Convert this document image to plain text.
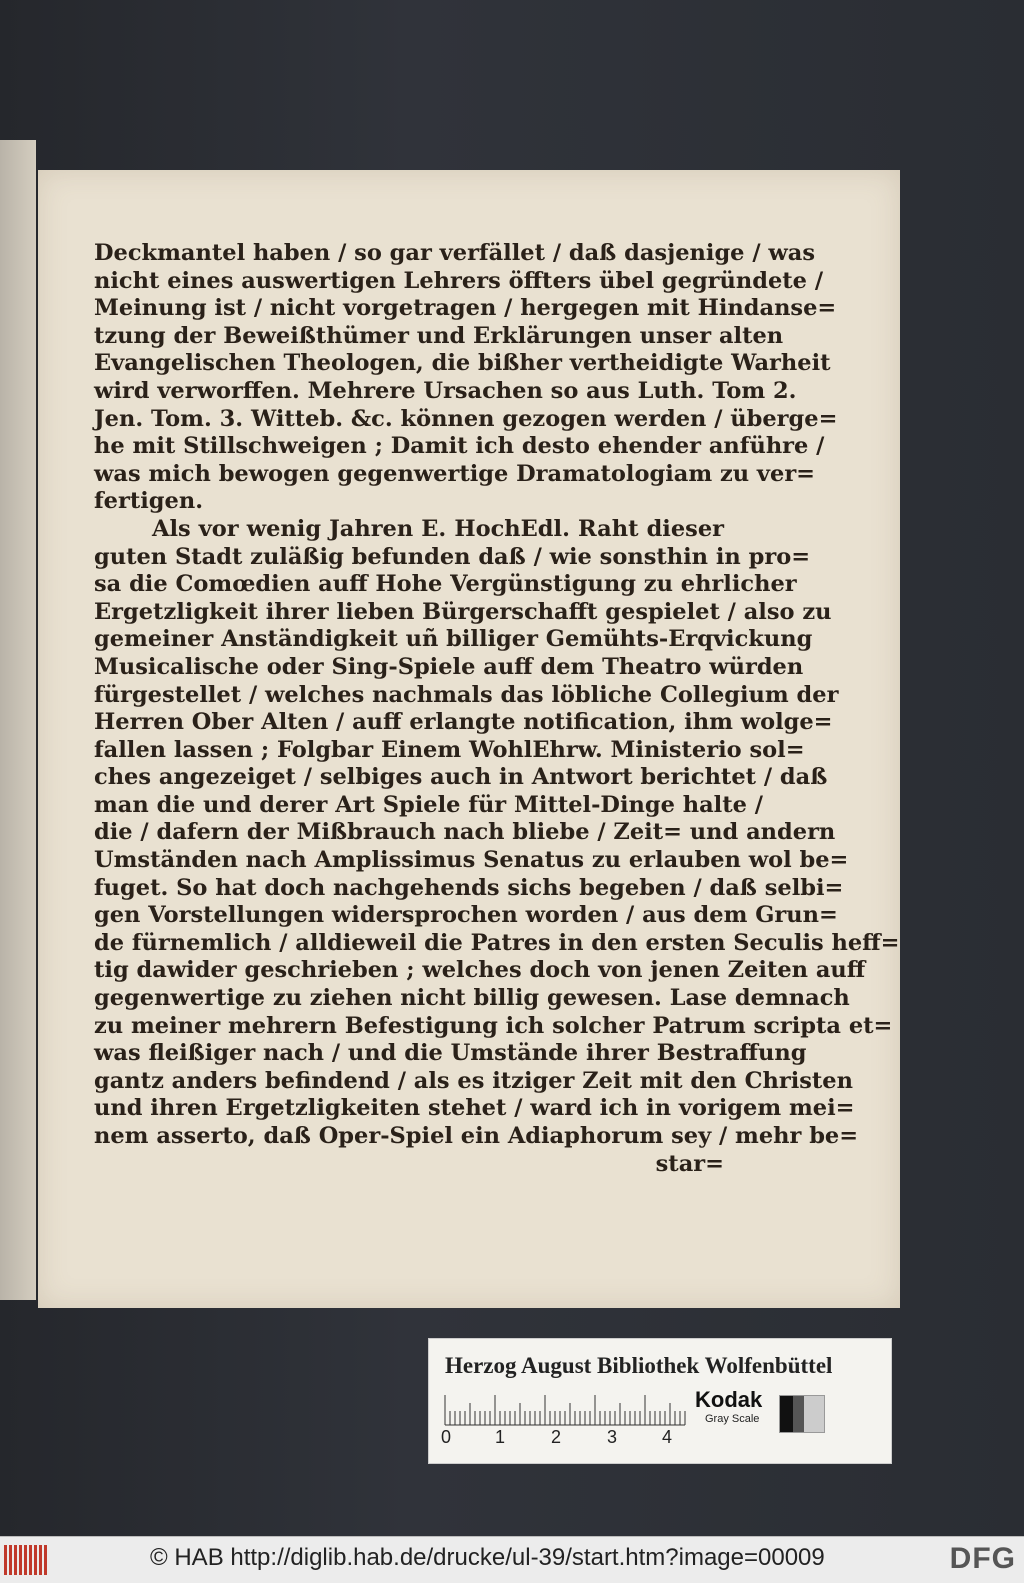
Deckmantel haben / so gar verfället / daß dasjenige / was
nicht eines auswertigen Lehrers öffters übel gegründete /
Meinung ist / nicht vorgetragen / hergegen mit Hindanse=
tzung der Beweißthümer und Erklärungen unser alten
Evangelischen Theologen, die bißher vertheidigte Warheit
wird verworffen. Mehrere Ursachen so aus Luth. Tom 2.
Jen. Tom. 3. Witteb. &c. können gezogen werden / überge=
he mit Stillschweigen ; Damit ich desto ehender anführe /
was mich bewogen gegenwertige Dramatologiam zu ver=
fertigen.
Als vor wenig Jahren E. HochEdl. Raht dieser
guten Stadt zuläßig befunden daß / wie sonsthin in pro=
sa die Comœdien auff Hohe Vergünstigung zu ehrlicher
Ergetzligkeit ihrer lieben Bürgerschafft gespielet / also zu
gemeiner Anständigkeit uñ billiger Gemühts-Erqvickung
Musicalische oder Sing-Spiele auff dem Theatro würden
fürgestellet / welches nachmals das löbliche Collegium der
Herren Ober Alten / auff erlangte notification, ihm wolge=
fallen lassen ; Folgbar Einem WohlEhrw. Ministerio sol=
ches angezeiget / selbiges auch in Antwort berichtet / daß
man die und derer Art Spiele für Mittel-Dinge halte /
die / dafern der Mißbrauch nach bliebe / Zeit= und andern
Umständen nach Amplissimus Senatus zu erlauben wol be=
fuget. So hat doch nachgehends sichs begeben / daß selbi=
gen Vorstellungen widersprochen worden / aus dem Grun=
de fürnemlich / alldieweil die Patres in den ersten Seculis heff=
tig dawider geschrieben ; welches doch von jenen Zeiten auff
gegenwertige zu ziehen nicht billig gewesen. Lase demnach
zu meiner mehrern Befestigung ich solcher Patrum scripta et=
was fleißiger nach / und die Umstände ihrer Bestraffung
gantz anders befindend / als es itziger Zeit mit den Christen
und ihren Ergetzligkeiten stehet / ward ich in vorigem mei=
nem asserto, daß Oper-Spiel ein Adiaphorum sey / mehr be=
star=
Herzog August Bibliothek Wolfenbüttel
0 1	2	3 4
Kodak
Gray Scale
© HAB http://diglib.hab.de/drucke/ul-39/start.htm?image=00009	DFG
